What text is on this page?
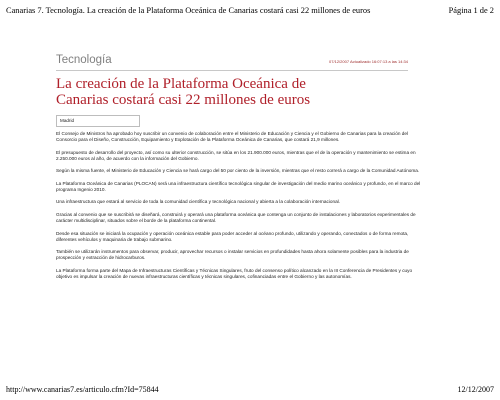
Canarias 7. Tecnología. La creación de la Plataforma Oceánica de Canarias costará casi 22 millones de euros	Página 1 de 2
Tecnología	07/12/2007 Actualizado 16:07:13 a las 14:34
La creación de la Plataforma Oceánica de Canarias costará casi 22 millones de euros
Madrid

El Consejo de Ministros ha aprobado hoy suscribir un convenio de colaboración entre el Ministerio de Educación y Ciencia y el Gobierno de Canarias para la creación del Consorcio para el Diseño, Construcción, Equipamiento y Explotación de la Plataforma Oceánica de Canarias, que costará 21,9 millones.

El presupuesto de desarrollo del proyecto, así como su ulterior construcción, se sitúa en los 21.900.000 euros, mientras que el de la operación y mantenimiento se estima en 2.250.000 euros al año, de acuerdo con la información del Gobierno.

Según la misma fuente, el Ministerio de Educación y Ciencia se hará cargo del 50 por ciento de la inversión, mientras que el resto correrá a cargo de la Comunidad Autónoma.

La Plataforma Oceánica de Canarias (PLOCAN) será una infraestructura científico tecnológica singular de investigación del medio marino oceánico y profundo, en el marco del programa Ingenio 2010.

Una infraestructura que estará al servicio de toda la comunidad científica y tecnológica nacional y abierta a la colaboración internacional.

Gracias al convenio que se suscribirá se diseñará, construirá y operará una plataforma oceánica que contenga un conjunto de instalaciones y laboratorios experimentales de carácter multidisciplinar, situados sobre el borde de la plataforma continental.

Desde esa situación se iniciará la ocupación y operación oceánica estable para poder acceder al océano profundo, utilizando y operando, conectados o de forma remota, diferentes vehículos y maquinaria de trabajo submarino.

También se utilizarán instrumentos para observar, producir, aprovechar recursos o instalar servicios en profundidades hasta ahora solamente posibles para la industria de prospección y extracción de hidrocarburos.

La Plataforma forma parte del Mapa de Infraestructuras Científicas y Técnicas Singulares, fruto del consenso político alcanzado en la III Conferencia de Presidentes y cuyo objetivo es impulsar la creación de nuevas infraestructuras científicas y técnicas singulares, cofinanciadas entre el Gobierno y las autonomías.

http://www.canarias7.es/articulo.cfm?Id=75844	12/12/2007
